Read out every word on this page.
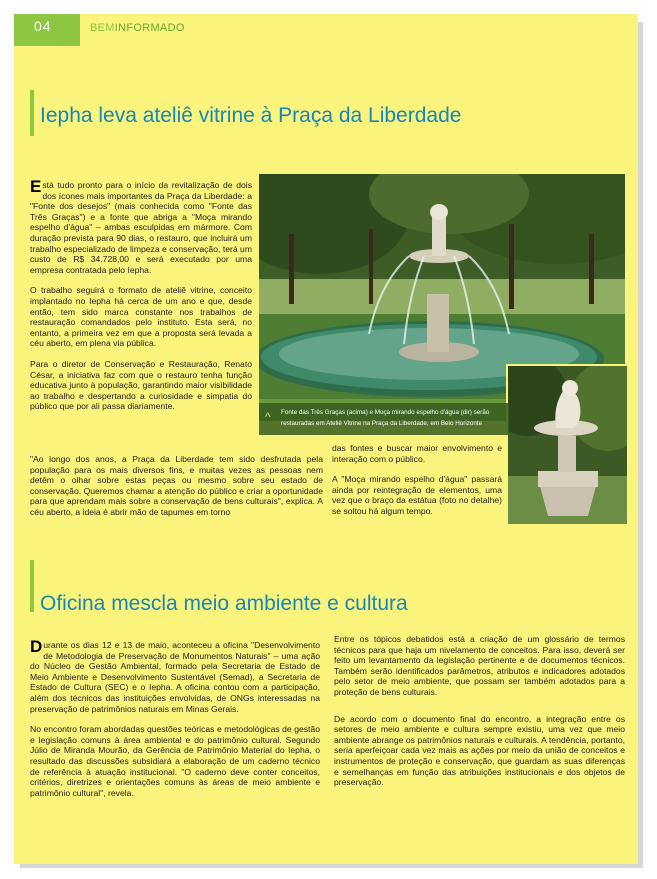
04	BEMINFORMADO
Iepha leva ateliê vitrine à Praça da Liberdade

Está tudo pronto para o início da revitalização de dois dos ícones mais importantes da Praça da Liberdade: a "Fonte dos desejos" (mais conhecida como "Fonte das Três Graças") e a fonte que abriga a "Moça mirando espelho d'água" – ambas esculpidas em mármore. Com duração prevista para 90 dias, o restauro, que incluirá um trabalho especializado de limpeza e conservação, terá um custo de R$ 34.728,00 e será executado por uma empresa contratada pelo Iepha.

O trabalho seguirá o formato de ateliê vitrine, conceito implantado no Iepha há cerca de um ano e que, desde então, tem sido marca constante nos trabalhos de restauração comandados pelo instituto. Esta será, no entanto, a primeira vez em que a proposta será levada a céu aberto, em plena via pública.

Para o diretor de Conservação e Restauração, Renato César, a iniciativa faz com que o restauro tenha função educativa junto à população, garantindo maior visibilidade ao trabalho e despertando a curiosidade e simpatia do público que por ali passa diariamente.

"Ao longo dos anos, a Praça da Liberdade tem sido desfrutada pela população para os mais diversos fins, e muitas vezes as pessoas nem detêm o olhar sobre estas peças ou mesmo sobre seu estado de conservação. Queremos chamar a atenção do público e criar a oportunidade para que aprendam mais sobre a conservação de bens culturais", explica. A céu aberto, a ideia é abrir mão de tapumes em torno

das fontes e buscar maior envolvimento e interação com o público.

A "Moça mirando espelho d'água" passará ainda por reintegração de elementos, uma vez que o braço da estátua (foto no detalhe) se soltou há algum tempo.

^ Fonte das Três Graças (acima) e Moça mirando espelho d'água (dir) serão restauradas em Ateliê Vitrine na Praça da Liberdade, em Belo Horizonte
Oficina mescla meio ambiente e cultura

Durante os dias 12 e 13 de maio, aconteceu a oficina "Desenvolvimento de Metodologia de Preservação de Monumentos Naturais" – uma ação do Núcleo de Gestão Ambiental, formado pela Secretaria de Estado de Meio Ambiente e Desenvolvimento Sustentável (Semad), a Secretaria de Estado de Cultura (SEC) e o Iepha. A oficina contou com a participação, além dos técnicos das instituições envolvidas, de ONGs interessadas na preservação de patrimônios naturais em Minas Gerais.

No encontro foram abordadas questões teóricas e metodológicas de gestão e legislação comuns à área ambiental e do patrimônio cultural. Segundo Júlio de Miranda Mourão, da Gerência de Patrimônio Material do Iepha, o resultado das discussões subsidiará a elaboração de um caderno técnico de referência à atuação institucional. "O caderno deve conter conceitos, critérios, diretrizes e orientações comuns às áreas de meio ambiente e patrimônio cultural", revela.

Entre os tópicos debatidos está a criação de um glossário de termos técnicos para que haja um nivelamento de conceitos. Para isso, deverá ser feito um levantamento da legislação pertinente e de documentos técnicos. Também serão identificados parâmetros, atributos e indicadores adotados pelo setor de meio ambiente, que possam ser também adotados para a proteção de bens culturais.

De acordo com o documento final do encontro, a integração entre os setores de meio ambiente e cultura sempre existiu, uma vez que meio ambiente abrange os patrimônios naturais e culturais. A tendência, portanto, seria aperfeiçoar cada vez mais as ações por meio da união de conceitos e instrumentos de proteção e conservação, que guardam as suas diferenças e semelhanças em função das atribuições institucionais e dos objetos de preservação.
